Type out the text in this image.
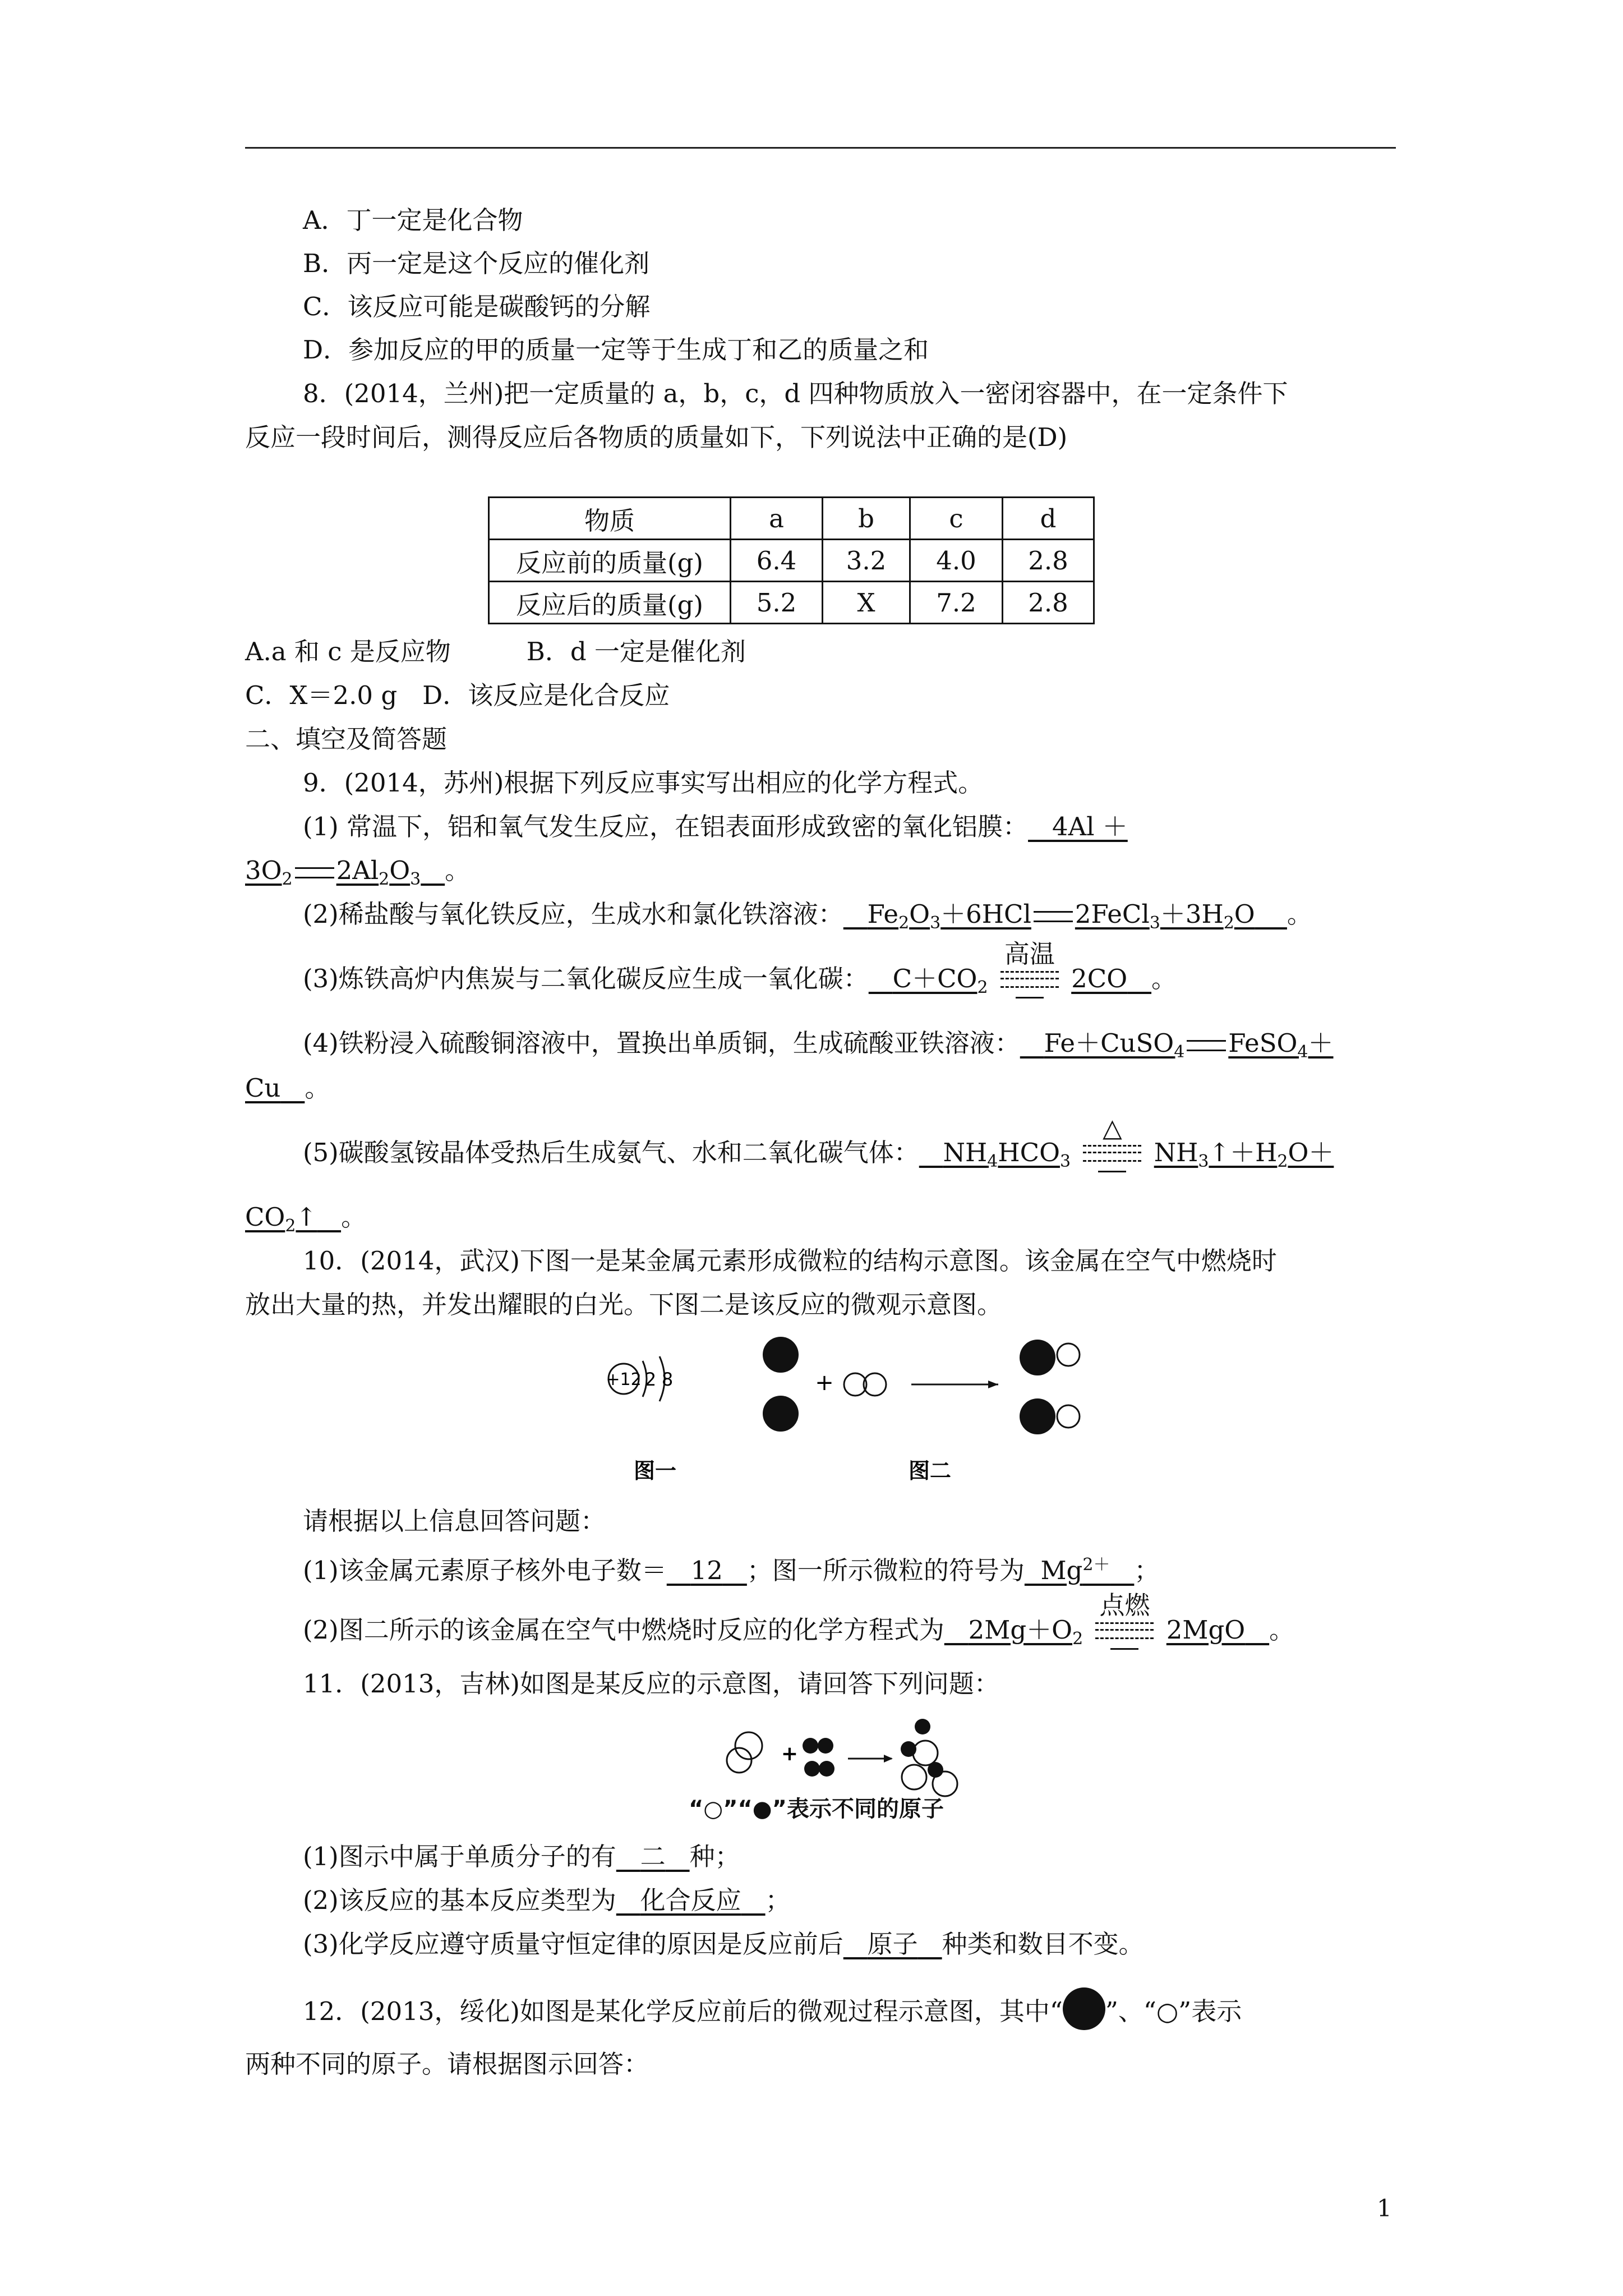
A．丁一定是化合物
B．丙一定是这个反应的催化剂
C．该反应可能是碳酸钙的分解
D．参加反应的甲的质量一定等于生成丁和乙的质量之和
8．(2014，兰州)把一定质量的 a，b，c，d 四种物质放入一密闭容器中，在一定条件下
反应一段时间后，测得反应后各物质的质量如下，下列说法中正确的是(D)
物质	a	b	c	d
反应前的质量(g)	6.4	3.2	4.0	2.8
反应后的质量(g)	5.2	X	7.2	2.8
A.a 和 c 是反应物　　　B．d 一定是催化剂
C．X＝2.0 g　D．该反应是化合反应
二、填空及简答题
9．(2014，苏州)根据下列反应事实写出相应的化学方程式。
(1) 常温下，铝和氧气发生反应，在铝表面形成致密的氧化铝膜： 4Al ＋
$3O_2$ $2Al_2O_3$ 。
(2)稀盐酸与氧化铁反应，生成水和氯化铁溶液： $Fe_2O_3+6HCl$ $2FeCl_3+3H_2O$ 。
(3)炼铁高炉内焦炭与二氧化碳反应生成一氧化碳： $C+CO_2$
高温
2CO 。
(4)铁粉浸入硫酸铜溶液中，置换出单质铜，生成硫酸亚铁溶液： Fe＋CuSO$_4$ FeSO$_4$＋
Cu 。
(5)碳酸氢铵晶体受热后生成氨气、水和二氧化碳气体： $NH_4HCO_3$
△
$NH_3↑+H_2O+$
$CO_2↑$ 。
10．(2014，武汉)下图一是某金属元素形成微粒的结构示意图。该金属在空气中燃烧时
放出大量的热，并发出耀眼的白光。下图二是该反应的微观示意图。
+12 2 8	+
图一	图二
请根据以上信息回答问题：
(1)该金属元素原子核外电子数＝ 12 ；图一所示微粒的符号为 $Mg^{2+}$ ；
(2)图二所示的该金属在空气中燃烧时反应的化学方程式为 $2Mg+O_2$
点燃
2MgO 。
11．(2013，吉林)如图是某反应的示意图，请回答下列问题：
+
“○”“●”表示不同的原子
(1)图示中属于单质分子的有 二 种；
(2)该反应的基本反应类型为 化合反应 ；
(3)化学反应遵守质量守恒定律的原因是反应前后 原子 种类和数目不变。
12．(2013，绥化)如图是某化学反应前后的微观过程示意图，其中“ ”、“○”表示
两种不同的原子。请根据图示回答：
1
